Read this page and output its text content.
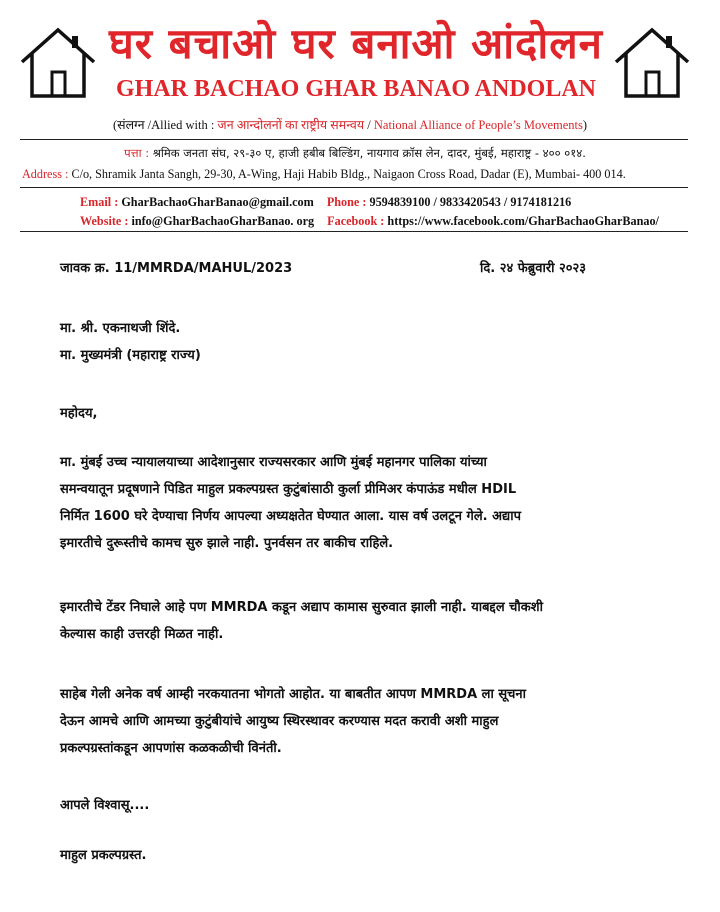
घर बचाओ घर बनाओ आंदोलन
GHAR BACHAO GHAR BANAO ANDOLAN
(संलग्न /Allied with : जन आन्दोलनों का राष्ट्रीय समन्वय / National Alliance of People’s Movements)
पत्ता : श्रमिक जनता संघ, २९-३० ए, हाजी हबीब बिल्डिंग, नायगाव क्रॉस लेन, दादर, मुंबई, महाराष्ट्र - ४०० ०१४.
Address : C/o, Shramik Janta Sangh, 29-30, A-Wing, Haji Habib Bldg., Naigaon Cross Road, Dadar (E), Mumbai- 400 014.
Email : GharBachaoGharBanao@gmail.com Phone : 9594839100 / 9833420543 / 9174181216
Website : info@GharBachaoGharBanao. org Facebook : https://www.facebook.com/GharBachaoGharBanao/
जावक क्र. 11/MMRDA/MAHUL/2023	दि. २४ फेब्रुवारी २०२३
मा. श्री. एकनाथजी शिंदे.
मा. मुख्यमंत्री (महाराष्ट्र राज्य)
महोदय,
मा. मुंबई उच्च न्यायालयाच्या आदेशानुसार राज्यसरकार आणि मुंबई महानगर पालिका यांच्या
समन्वयातून प्रदूषणाने पिडित माहुल प्रकल्पग्रस्त कुटुंबांसाठी कुर्ला प्रीमिअर कंपाऊंड मधील HDIL
निर्मित 1600 घरे देण्याचा निर्णय आपल्या अध्यक्षतेत घेण्यात आला. यास वर्ष उलटून गेले. अद्याप
इमारतीचे दुरूस्तीचे कामच सुरु झाले नाही. पुनर्वसन तर बाकीच राहिले.
इमारतीचे टेंडर निघाले आहे पण MMRDA कडून अद्याप कामास सुरुवात झाली नाही. याबद्दल चौकशी
केल्यास काही उत्तरही मिळत नाही.
साहेब गेली अनेक वर्ष आम्ही नरकयातना भोगतो आहोत. या बाबतीत आपण MMRDA ला सूचना
देऊन आमचे आणि आमच्या कुटुंबीयांचे आयुष्य स्थिरस्थावर करण्यास मदत करावी अशी माहुल
प्रकल्पग्रस्तांकडून आपणांस कळकळीची विनंती.
आपले विश्वासू....
माहुल प्रकल्पग्रस्त.
